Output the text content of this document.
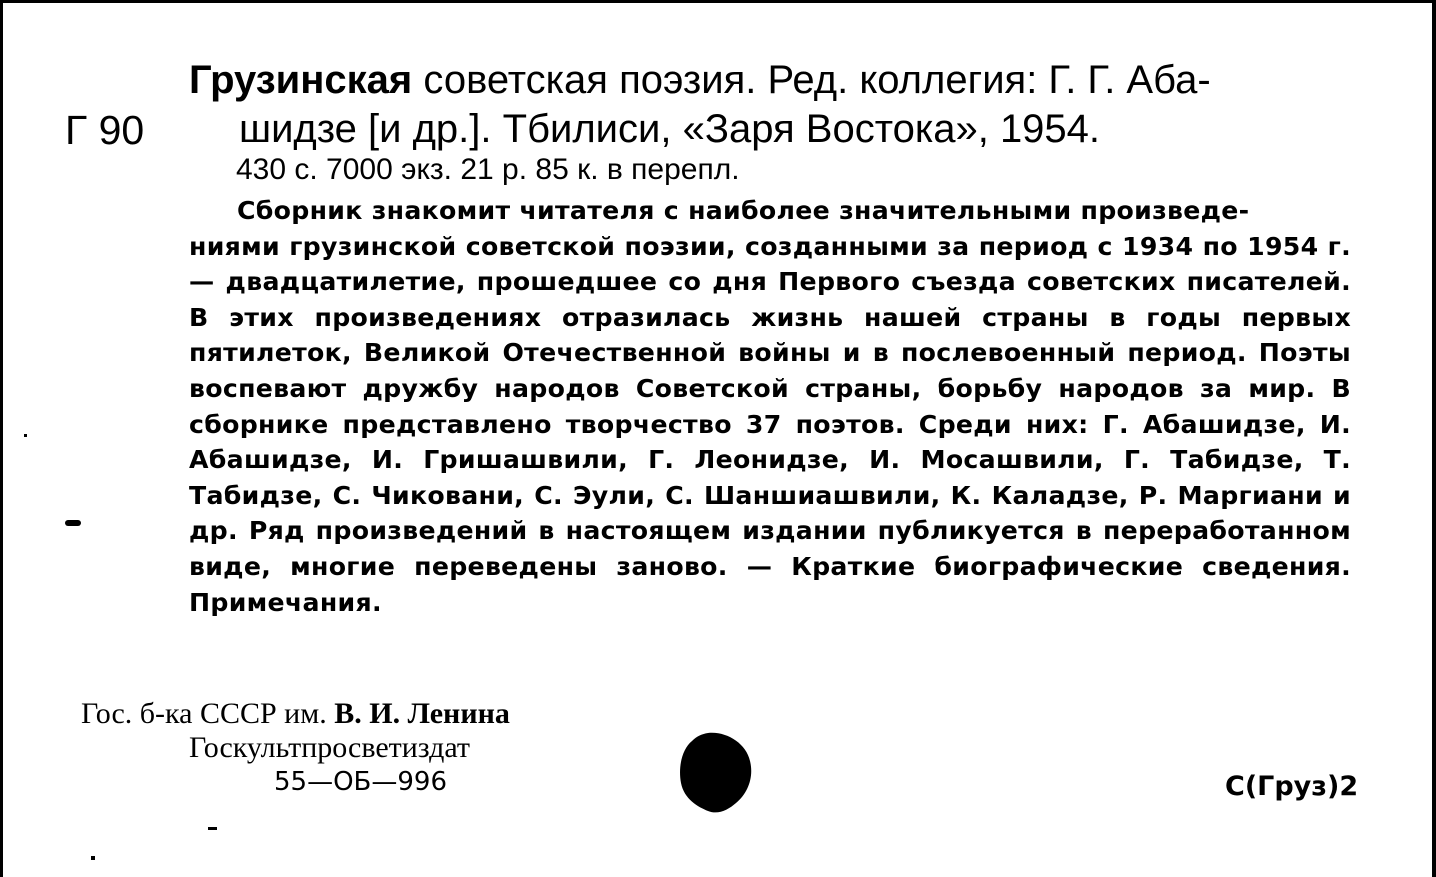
Г 90
Грузинская советская поэзия. Ред. коллегия: Г. Г. Аба-
шидзе [и др.]. Тбилиси, «Заря Востока», 1954.
430 с. 7000 экз. 21 р. 85 к. в перепл.
Сборник знакомит читателя с наиболее значительными произведе-
ниями грузинской советской поэзии, созданными за период с 1934 по 1954 г. — двадцатилетие, прошедшее со дня Первого съезда советских писателей. В этих произведениях отразилась жизнь нашей страны в годы первых пятилеток, Великой Отечественной войны и в послевоенный период. Поэты воспевают дружбу народов Советской страны, борьбу народов за мир. В сборнике представлено творчество 37 поэтов. Среди них: Г. Абашидзе, И. Абашидзе, И. Гришашвили, Г. Леонидзе, И. Мосашвили, Г. Табидзе, Т. Табидзе, С. Чиковани, С. Эули, С. Шаншиашвили, К. Каладзе, Р. Маргиани и др. Ряд произведений в настоящем издании публикуется в переработанном виде, многие переведены заново. — Краткие биографические сведения. Примечания.
Гос. б-ка СССР им. В. И. Ленина
Госкультпросветиздат
55—ОБ—996	С(Груз)2
